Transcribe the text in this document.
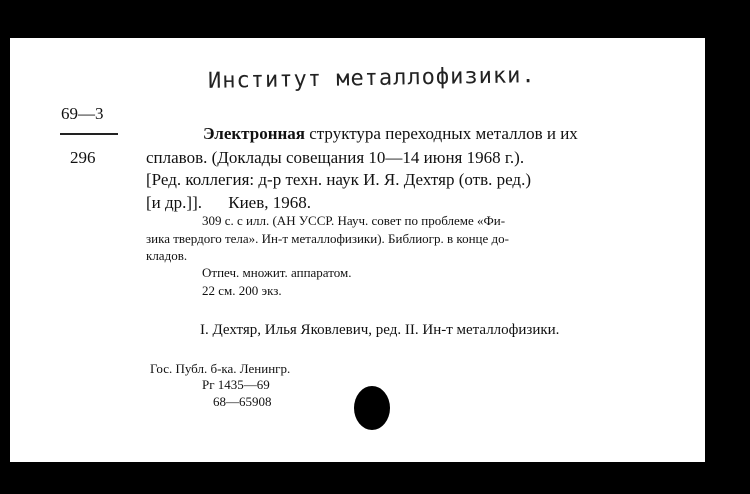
Институт металлофизики.
69—3
296
Электронная структура переходных металлов и их
сплавов. (Доклады совещания 10—14 июня 1968 г.).
[Ред. коллегия: д-р техн. наук И. Я. Дехтяр (отв. ред.)
[и др.]]. Киев, 1968.
309 с. с илл. (АН УССР. Науч. совет по проблеме «Фи-
зика твердого тела». Ин-т металлофизики). Библиогр. в конце до-
кладов.
Отпеч. множит. аппаратом.
22 см. 200 экз.
I. Дехтяр, Илья Яковлевич, ред. II. Ин-т металлофизики.
Гос. Публ. б-ка. Ленингр.
Рг 1435—69
68—65908
